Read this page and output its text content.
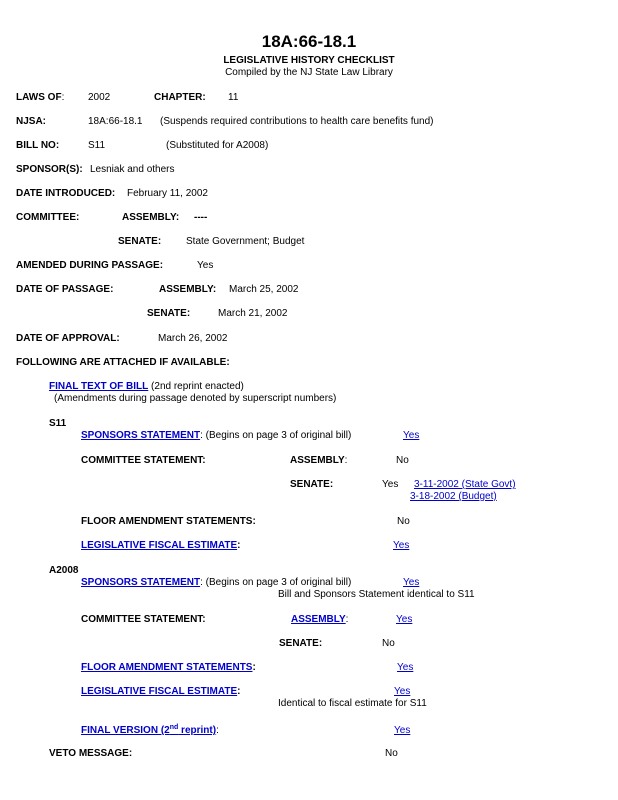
18A:66-18.1
LEGISLATIVE HISTORY CHECKLIST
Compiled by the NJ State Law Library
LAWS OF: 2002	CHAPTER: 11
NJSA:	18A:66-18.1 (Suspends required contributions to health care benefits fund)
BILL NO:	S11	(Substituted for A2008)
SPONSOR(S): Lesniak and others
DATE INTRODUCED: February 11, 2002
COMMITTEE:	ASSEMBLY: ----
SENATE: State Government; Budget
AMENDED DURING PASSAGE:	Yes
DATE OF PASSAGE:	ASSEMBLY: March 25, 2002
SENATE:	March 21, 2002
DATE OF APPROVAL:	March 26, 2002
FOLLOWING ARE ATTACHED IF AVAILABLE:
FINAL TEXT OF BILL (2nd reprint enacted)
(Amendments during passage denoted by superscript numbers)
S11
SPONSORS STATEMENT: (Begins on page 3 of original bill)	Yes
COMMITTEE STATEMENT:	ASSEMBLY:	No
SENATE:	Yes 3-11-2002 (State Govt)
3-18-2002 (Budget)
FLOOR AMENDMENT STATEMENTS:	No
LEGISLATIVE FISCAL ESTIMATE:	Yes
A2008
SPONSORS STATEMENT: (Begins on page 3 of original bill)	Yes
Bill and Sponsors Statement identical to S11
COMMITTEE STATEMENT:	ASSEMBLY:	Yes
SENATE:	No
FLOOR AMENDMENT STATEMENTS:	Yes
LEGISLATIVE FISCAL ESTIMATE:	Yes
Identical to fiscal estimate for S11
FINAL VERSION (2nd reprint):	Yes
VETO MESSAGE:	No
